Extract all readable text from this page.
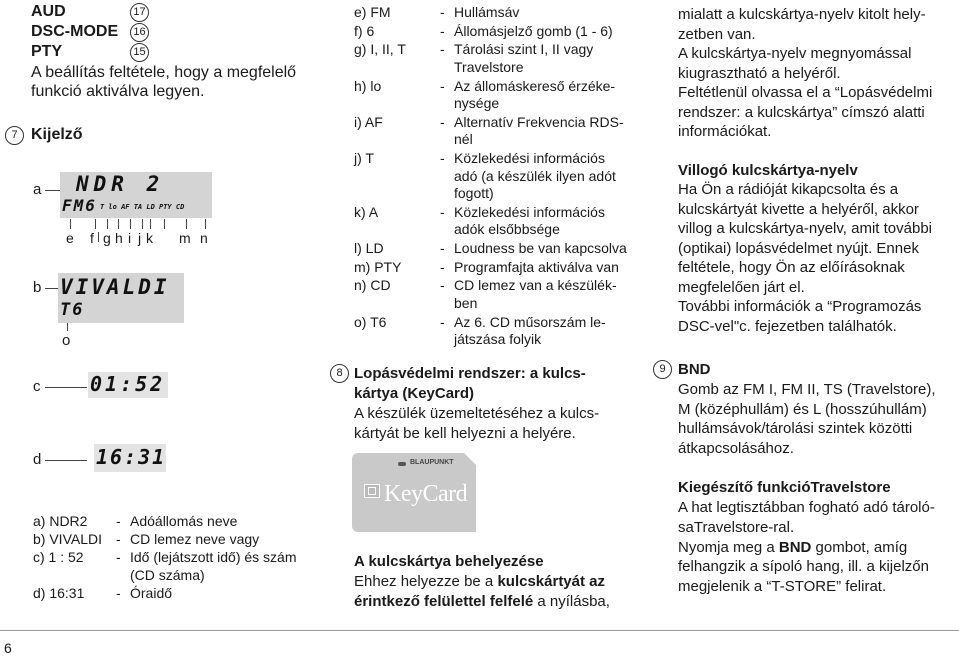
AUD
DSC-MODE
PTY
17
16
15
A beállítás feltétele, hogy a megfelelő
funkció aktiválva legyen.
7 Kijelző
a NDR 2
FM6 T lo AF TA LD PTY CD
e f g h i j k m n
b VIVALDI
T6
o
c 01:52
d	16:31
a) NDR2	- Adóállomás neve
b) VIVALDI	- CD lemez neve vagy
c) 1 : 52	- Idő (lejátszott idő) és szám
(CD száma)
d) 16:31	- Óraidő
6
e) FM	- Hullámsáv
f) 6	- Állomásjelző gomb (1 - 6)
g) I, II, T - Tárolási szint I, II vagy
Travelstore
h) lo	- Az állomáskereső érzéke-
nysége
i) AF	- Alternatív Frekvencia RDS-
nél
j) T	- Közlekedési információs
adó (a készülék ilyen adót
fogott)
k) A	- Közlekedési információs
adók elsőbbsége
l) LD	- Loudness be van kapcsolva
m) PTY	- Programfajta aktiválva van
n) CD	- CD lemez van a készülék-
ben
o) T6	- Az 6. CD műsorszám le-
játszása folyik
8 Lopásvédelmi rendszer: a kulcs-
kártya (KeyCard)
A készülék üzemeltetéséhez a kulcs-
kártyát be kell helyezni a helyére.
BLAUPUNKT
KeyCard
A kulcskártya behelyezése
Ehhez helyezze be a kulcskártyát az
érintkező felülettel felfelé a nyílásba,
mialatt a kulcskártya-nyelv kitolt hely-
zetben van.
A kulcskártya-nyelv megnyomással
kiugrasztható a helyéről.
Feltétlenül olvassa el a “Lopásvédelmi
rendszer: a kulcskártya” címszó alatti
információkat.
Villogó kulcskártya-nyelv
Ha Ön a rádióját kikapcsolta és a
kulcskártyát kivette a helyéről, akkor
villog a kulcskártya-nyelv, amit további
(optikai) lopásvédelmet nyújt. Ennek
feltétele, hogy Ön az előírásoknak
megfelelően járt el.
További információk a “Programozás
DSC-vel"c. fejezetben találhatók.
9 BND
Gomb az FM I, FM II, TS (Travelstore),
M (középhullám) és L (hosszúhullám)
hullámsávok/tárolási szintek közötti
átkapcsolásához.
Kiegészítő funkcióTravelstore
A hat legtisztábban fogható adó tároló-
saTravelstore-ral.
Nyomja meg a BND gombot, amíg
felhangzik a sípoló hang, ill. a kijelzőn
megjelenik a “T-STORE” felirat.
